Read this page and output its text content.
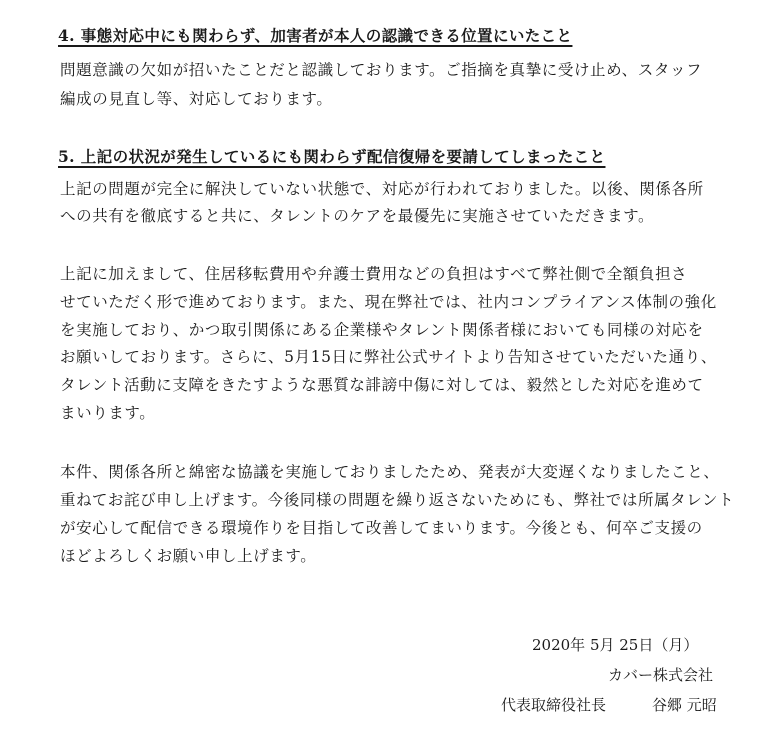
4. 事態対応中にも関わらず、加害者が本人の認識できる位置にいたこと
問題意識の欠如が招いたことだと認識しております。ご指摘を真摯に受け止め、スタッフ
編成の見直し等、対応しております。
5. 上記の状況が発生しているにも関わらず配信復帰を要請してしまったこと
上記の問題が完全に解決していない状態で、対応が行われておりました。以後、関係各所
への共有を徹底すると共に、タレントのケアを最優先に実施させていただきます。
上記に加えまして、住居移転費用や弁護士費用などの負担はすべて弊社側で全額負担さ
せていただく形で進めております。また、現在弊社では、社内コンプライアンス体制の強化
を実施しており、かつ取引関係にある企業様やタレント関係者様においても同様の対応を
お願いしております。さらに、5月15日に弊社公式サイトより告知させていただいた通り、
タレント活動に支障をきたすような悪質な誹謗中傷に対しては、毅然とした対応を進めて
まいります。
本件、関係各所と綿密な協議を実施しておりましたため、発表が大変遅くなりましたこと、
重ねてお詫び申し上げます。今後同様の問題を繰り返さないためにも、弊社では所属タレント
が安心して配信できる環境作りを目指して改善してまいります。今後とも、何卒ご支援の
ほどよろしくお願い申し上げます。
2020年 5月 25日（月）
カバー株式会社
代表取締役社長	谷郷 元昭
